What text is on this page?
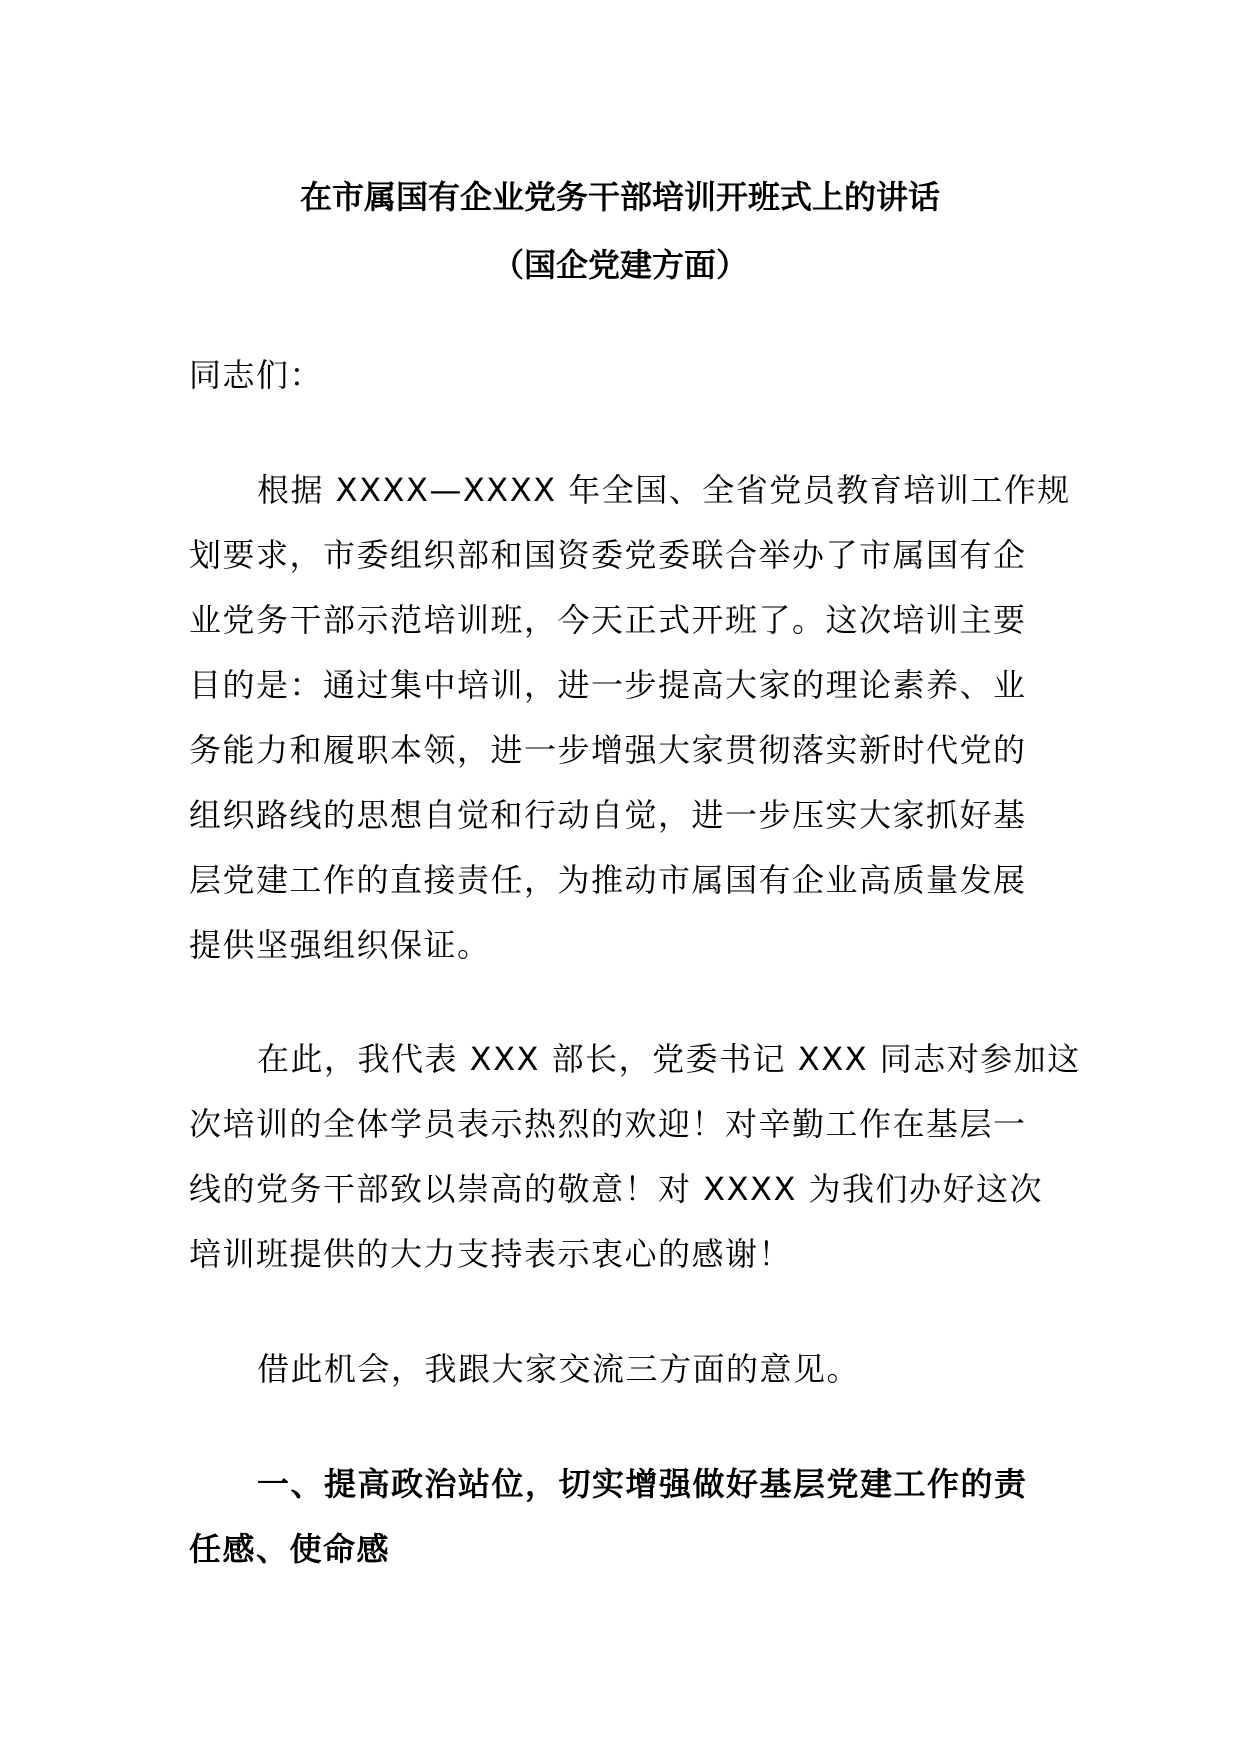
在市属国有企业党务干部培训开班式上的讲话
（国企党建方面）
同志们：
根据 XXXX—XXXX 年全国、全省党员教育培训工作规
划要求，市委组织部和国资委党委联合举办了市属国有企
业党务干部示范培训班，今天正式开班了。这次培训主要
目的是：通过集中培训，进一步提高大家的理论素养、业
务能力和履职本领，进一步增强大家贯彻落实新时代党的
组织路线的思想自觉和行动自觉，进一步压实大家抓好基
层党建工作的直接责任，为推动市属国有企业高质量发展
提供坚强组织保证。
在此，我代表 XXX 部长，党委书记 XXX 同志对参加这
次培训的全体学员表示热烈的欢迎！对辛勤工作在基层一
线的党务干部致以崇高的敬意！对 XXXX 为我们办好这次
培训班提供的大力支持表示衷心的感谢！
借此机会，我跟大家交流三方面的意见。
一、提高政治站位，切实增强做好基层党建工作的责
任感、使命感
